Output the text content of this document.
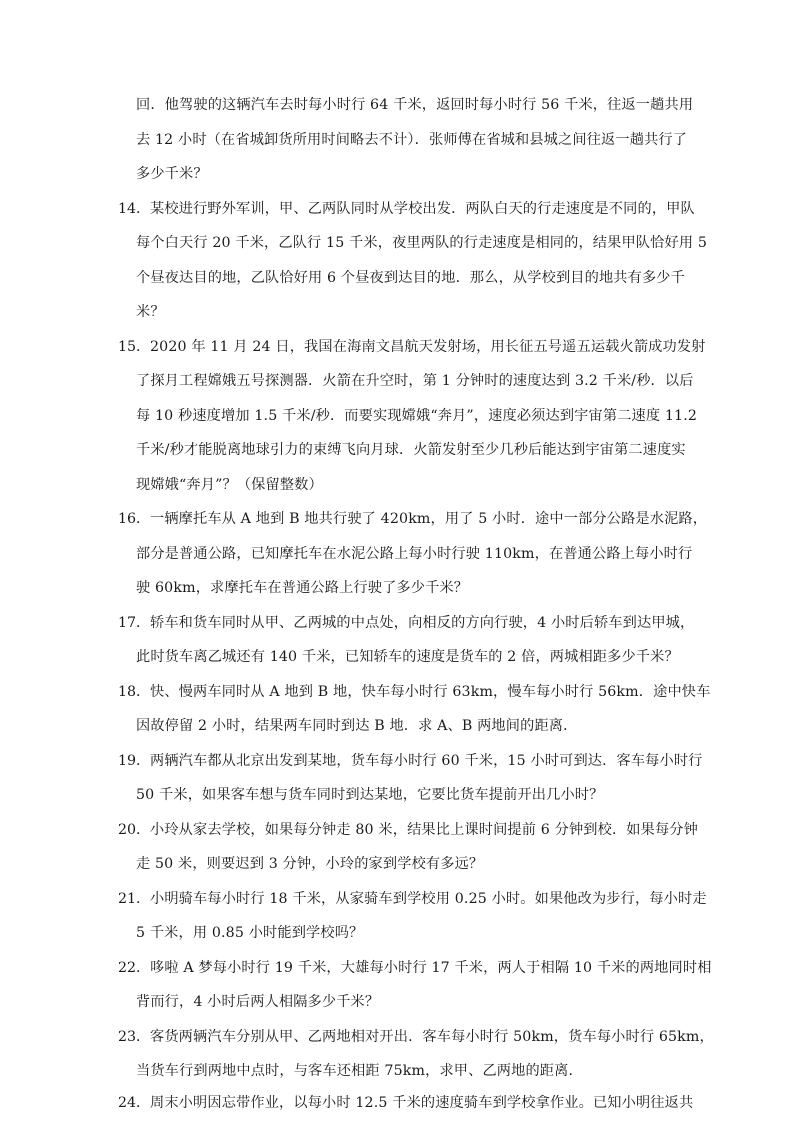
回．他驾驶的这辆汽车去时每小时行 64 千米，返回时每小时行 56 千米，往返一趟共用
去 12 小时（在省城卸货所用时间略去不计）．张师傅在省城和县城之间往返一趟共行了
多少千米？
14． 某校进行野外军训，甲、乙两队同时从学校出发．两队白天的行走速度是不同的，甲队
每个白天行 20 千米，乙队行 15 千米，夜里两队的行走速度是相同的，结果甲队恰好用 5
个昼夜达目的地，乙队恰好用 6 个昼夜到达目的地．那么，从学校到目的地共有多少千
米？
15． 2020 年 11 月 24 日，我国在海南文昌航天发射场，用长征五号遥五运载火箭成功发射
了探月工程嫦娥五号探测器．火箭在升空时，第 1 分钟时的速度达到 3.2 千米/秒．以后
每 10 秒速度增加 1.5 千米/秒．而要实现嫦娥“奔月”，速度必须达到宇宙第二速度 11.2
千米/秒才能脱离地球引力的束缚飞向月球．火箭发射至少几秒后能达到宇宙第二速度实
现嫦娥“奔月”？（保留整数）
16． 一辆摩托车从 A 地到 B 地共行驶了 420km，用了 5 小时．途中一部分公路是水泥路，
部分是普通公路，已知摩托车在水泥公路上每小时行驶 110km，在普通公路上每小时行
驶 60km，求摩托车在普通公路上行驶了多少千米？
17． 轿车和货车同时从甲、乙两城的中点处，向相反的方向行驶，4 小时后轿车到达甲城，
此时货车离乙城还有 140 千米，已知轿车的速度是货车的 2 倍，两城相距多少千米？
18． 快、慢两车同时从 A 地到 B 地，快车每小时行 63km，慢车每小时行 56km．途中快车
因故停留 2 小时，结果两车同时到达 B 地．求 A、B 两地间的距离．
19． 两辆汽车都从北京出发到某地，货车每小时行 60 千米，15 小时可到达．客车每小时行
50 千米，如果客车想与货车同时到达某地，它要比货车提前开出几小时？
20． 小玲从家去学校，如果每分钟走 80 米，结果比上课时间提前 6 分钟到校．如果每分钟
走 50 米，则要迟到 3 分钟，小玲的家到学校有多远？
21． 小明骑车每小时行 18 千米，从家骑车到学校用 0.25 小时。如果他改为步行，每小时走
5 千米，用 0.85 小时能到学校吗？
22． 哆啦 A 梦每小时行 19 千米，大雄每小时行 17 千米，两人于相隔 10 千米的两地同时相
背而行，4 小时后两人相隔多少千米？
23． 客货两辆汽车分别从甲、乙两地相对开出．客车每小时行 50km，货车每小时行 65km，
当货车行到两地中点时，与客车还相距 75km，求甲、乙两地的距离．
24． 周末小明因忘带作业，以每小时 12.5 千米的速度骑车到学校拿作业。已知小明往返共
